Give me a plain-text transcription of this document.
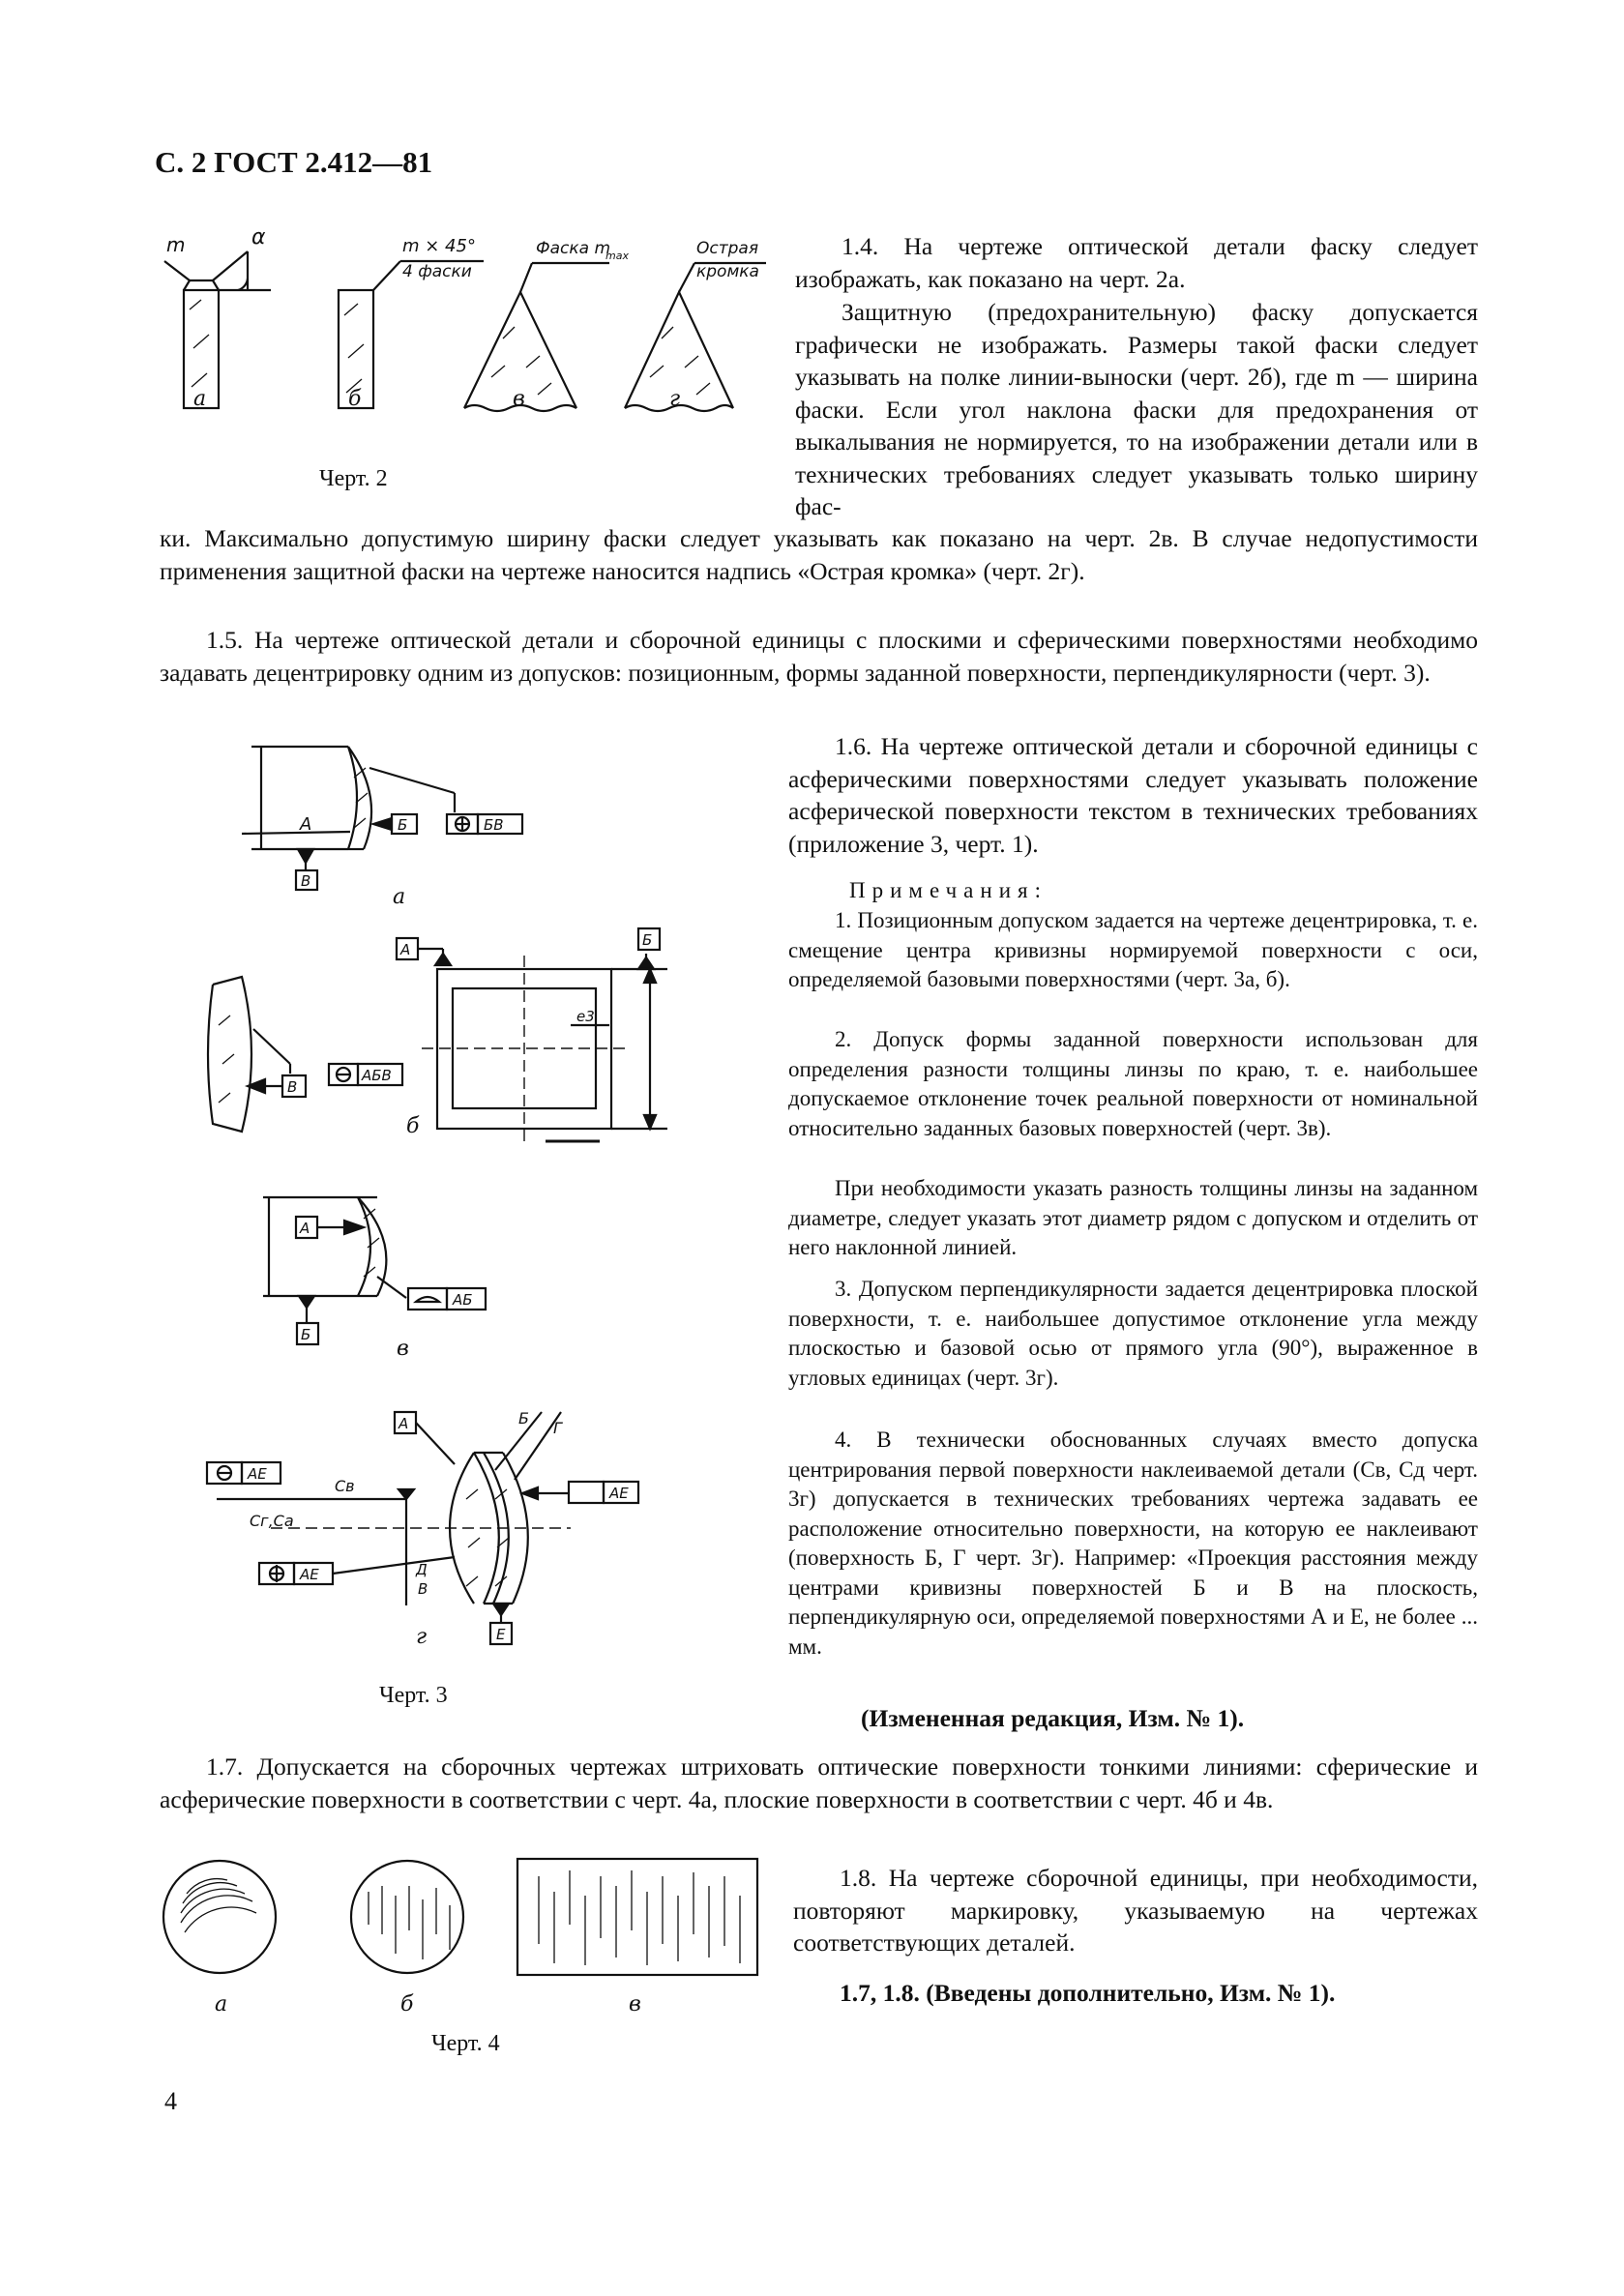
С. 2 ГОСТ 2.412—81
m	α	m × 45°
4 фаски
Фаска m
max	Острая
кромка
а	б	в	г
Черт. 2
1.4. На чертеже оптической детали фаску следует изображать, как показано на черт. 2а.
Защитную (предохранительную) фаску допускается графически не изображать. Размеры такой фаски следует указывать на полке линии-выноски (черт. 2б), где m — ширина фаски. Если угол наклона фаски для предохранения от выкалывания не нормируется, то на изображении детали или в технических требованиях следует указывать только ширину фас-
ки. Максимально допустимую ширину фаски следует указывать как показано на черт. 2в. В случае недопустимости применения защитной фаски на чертеже наносится надпись «Острая кромка» (черт. 2г).
1.5. На чертеже оптической детали и сборочной единицы с плоскими и сферическими поверхностями необходимо задавать децентрировку одним из допусков: позиционным, формы заданной поверхности, перпендикулярности (черт. 3).
А	Б	БВ
В
А
Б
е3
В
АБВ
А
АБ
Б
А	Б
Г
АЕ
АЕ
АЕ
Cв
Cг,Cа
Д
В
Е
а
б
в
г
Черт. 3
1.6. На чертеже оптической детали и сборочной единицы с асферическими поверхностями следует указывать положение асферической поверхности текстом в технических требованиях (приложение 3, черт. 1).
Примечания:
1. Позиционным допуском задается на чертеже децентрировка, т. е. смещение центра кривизны нормируемой поверхности с оси, определяемой базовыми поверхностями (черт. 3а, б).
2. Допуск формы заданной поверхности использован для определения разности толщины линзы по краю, т. е. наибольшее допускаемое отклонение точек реальной поверхности от номинальной относительно заданных базовых поверхностей (черт. 3в).
При необходимости указать разность толщины линзы на заданном диаметре, следует указать этот диаметр рядом с допуском и отделить от него наклонной линией.
3. Допуском перпендикулярности задается децентрировка плоской поверхности, т. е. наибольшее допустимое отклонение угла между плоскостью и базовой осью от прямого угла (90°), выраженное в угловых единицах (черт. 3г).
4. В технически обоснованных случаях вместо допуска центрирования первой поверхности наклеиваемой детали (Cв, Cд черт. 3г) допускается в технических требованиях чертежа задавать ее расположение относительно поверхности, на которую ее наклеивают (поверхность Б, Г черт. 3г). Например: «Проекция расстояния между центрами кривизны поверхностей Б и В на плоскость, перпендикулярную оси, определяемой поверхностями А и Е, не более ... мм.
(Измененная редакция, Изм. № 1).
1.7. Допускается на сборочных чертежах штриховать оптические поверхности тонкими линиями: сферические и асферические поверхности в соответствии с черт. 4а, плоские поверхности в соответствии с черт. 4б и 4в.
а	б	в
Черт. 4
1.8. На чертеже сборочной единицы, при необходимости, повторяют маркировку, указываемую на чертежах соответствующих деталей.
1.7, 1.8. (Введены дополнительно, Изм. № 1).
4
